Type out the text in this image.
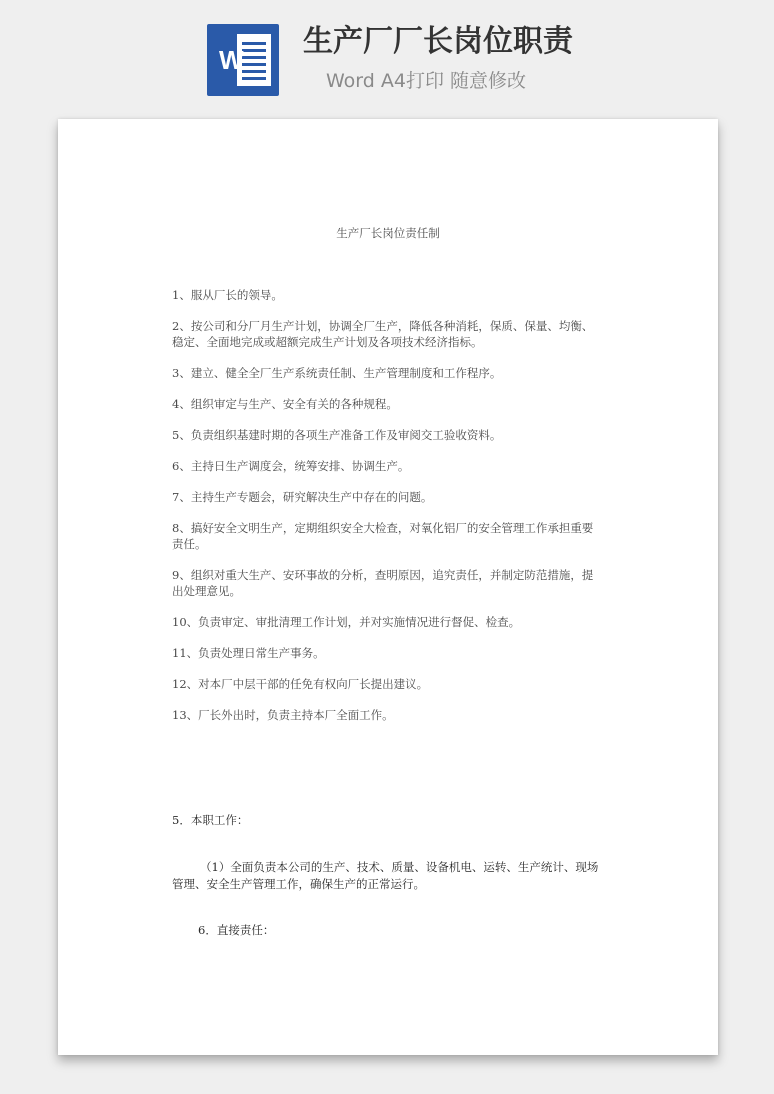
W
生产厂厂长岗位职责
Word A4打印 随意修改
生产厂长岗位责任制
1、服从厂长的领导。
2、按公司和分厂月生产计划，协调全厂生产，降低各种消耗，保质、保量、均衡、稳定、全面地完成或超额完成生产计划及各项技术经济指标。
3、建立、健全全厂生产系统责任制、生产管理制度和工作程序。
4、组织审定与生产、安全有关的各种规程。
5、负责组织基建时期的各项生产准备工作及审阅交工验收资料。
6、主持日生产调度会，统筹安排、协调生产。
7、主持生产专题会，研究解决生产中存在的问题。
8、搞好安全文明生产，定期组织安全大检查，对氧化铝厂的安全管理工作承担重要责任。
9、组织对重大生产、安环事故的分析，查明原因，追究责任，并制定防范措施，提出处理意见。
10、负责审定、审批清理工作计划，并对实施情况进行督促、检查。
11、负责处理日常生产事务。
12、对本厂中层干部的任免有权向厂长提出建议。
13、厂长外出时，负责主持本厂全面工作。
5．本职工作：
（1）全面负责本公司的生产、技术、质量、设备机电、运转、生产统计、现场管理、安全生产管理工作，确保生产的正常运行。
6．直接责任：
